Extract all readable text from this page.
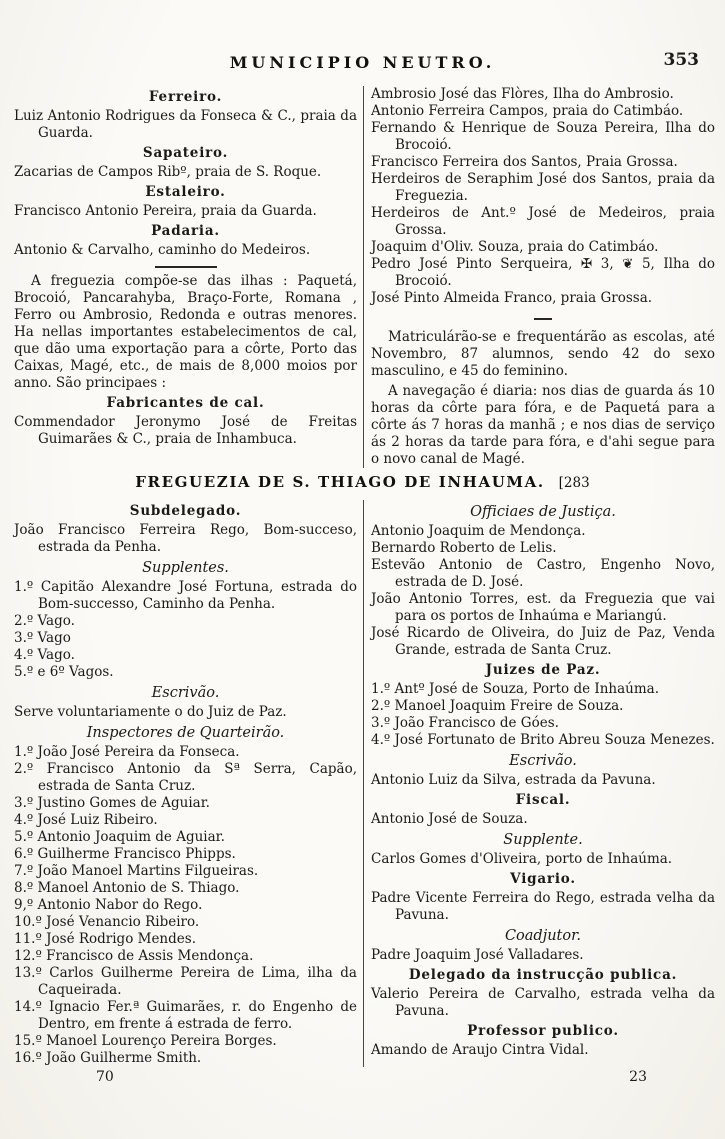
MUNICIPIO NEUTRO.	353
Ferreiro.
Luiz Antonio Rodrigues da Fonseca & C., praia da Guarda.
Sapateiro.
Zacarias de Campos Ribº, praia de S. Roque.
Estaleiro.
Francisco Antonio Pereira, praia da Guarda.
Padaria.
Antonio & Carvalho, caminho do Medeiros.
A freguezia compõe-se das ilhas : Paquetá, Brocoió, Pancarahyba, Braço-Forte, Romana , Ferro ou Ambrosio, Redonda e outras menores. Ha nellas importantes estabelecimentos de cal, que dão uma exportação para a côrte, Porto das Caixas, Magé, etc., de mais de 8,000 moios por anno. São principaes :
Fabricantes de cal.
Commendador Jeronymo José de Freitas Guimarães & C., praia de Inhambuca.
Ambrosio José das Flòres, Ilha do Ambrosio.
Antonio Ferreira Campos, praia do Catimbáo.
Fernando & Henrique de Souza Pereira, Ilha do Brocoió.
Francisco Ferreira dos Santos, Praia Grossa.
Herdeiros de Seraphim José dos Santos, praia da Freguezia.
Herdeiros de Ant.º José de Medeiros, praia Grossa.
Joaquim d'Oliv. Souza, praia do Catimbáo.
Pedro José Pinto Serqueira, ✠ 3, ❦ 5, Ilha do Brocoió.
José Pinto Almeida Franco, praia Grossa.
Matriculárão-se e frequentárão as escolas, até Novembro, 87 alumnos, sendo 42 do sexo masculino, e 45 do feminino.
A navegação é diaria: nos dias de guarda ás 10 horas da côrte para fóra, e de Paquetá para a côrte ás 7 horas da manhã ; e nos dias de serviço ás 2 horas da tarde para fóra, e d'ahi segue para o novo canal de Magé.
FREGUEZIA DE S. THIAGO DE INHAUMA. [283
Subdelegado.
João Francisco Ferreira Rego, Bom-succeso, estrada da Penha.
Supplentes.
1.º Capitão Alexandre José Fortuna, estrada do Bom-successo, Caminho da Penha.
2.º Vago.
3.º Vago
4.º Vago.
5.º e 6º Vagos.
Escrivão.
Serve voluntariamente o do Juiz de Paz.
Inspectores de Quarteirão.
1.º João José Pereira da Fonseca.
2.º Francisco Antonio da Sª Serra, Capão, estrada de Santa Cruz.
3.º Justino Gomes de Aguiar.
4.º José Luiz Ribeiro.
5.º Antonio Joaquim de Aguiar.
6.º Guilherme Francisco Phipps.
7.º João Manoel Martins Filgueiras.
8.º Manoel Antonio de S. Thiago.
9,º Antonio Nabor do Rego.
10.º José Venancio Ribeiro.
11.º José Rodrigo Mendes.
12.º Francisco de Assis Mendonça.
13.º Carlos Guilherme Pereira de Lima, ilha da Caqueirada.
14.º Ignacio Fer.ª Guimarães, r. do Engenho de Dentro, em frente á estrada de ferro.
15.º Manoel Lourenço Pereira Borges.
16.º João Guilherme Smith.
Officiaes de Justiça.
Antonio Joaquim de Mendonça.
Bernardo Roberto de Lelis.
Estevão Antonio de Castro, Engenho Novo, estrada de D. José.
João Antonio Torres, est. da Freguezia que vai para os portos de Inhaúma e Mariangú.
José Ricardo de Oliveira, do Juiz de Paz, Venda Grande, estrada de Santa Cruz.
Juizes de Paz.
1.º Antº José de Souza, Porto de Inhaúma.
2.º Manoel Joaquim Freire de Souza.
3.º João Francisco de Góes.
4.º José Fortunato de Brito Abreu Souza Menezes.
Escrivão.
Antonio Luiz da Silva, estrada da Pavuna.
Fiscal.
Antonio José de Souza.
Supplente.
Carlos Gomes d'Oliveira, porto de Inhaúma.
Vigario.
Padre Vicente Ferreira do Rego, estrada velha da Pavuna.
Coadjutor.
Padre Joaquim José Valladares.
Delegado da instrucção publica.
Valerio Pereira de Carvalho, estrada velha da Pavuna.
Professor publico.
Amando de Araujo Cintra Vidal.
70	23
